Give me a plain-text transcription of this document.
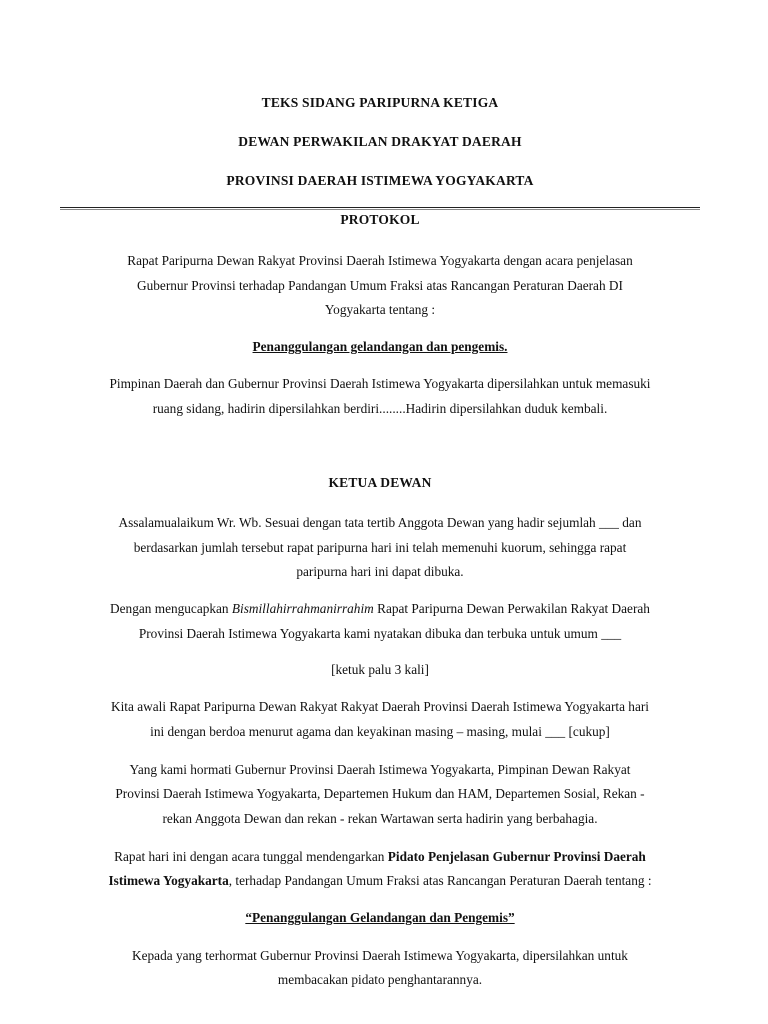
TEKS SIDANG PARIPURNA KETIGA
DEWAN PERWAKILAN DRAKYAT DAERAH
PROVINSI DAERAH ISTIMEWA YOGYAKARTA
PROTOKOL
Rapat Paripurna Dewan Rakyat Provinsi Daerah Istimewa Yogyakarta dengan acara penjelasan
Gubernur Provinsi terhadap Pandangan Umum Fraksi atas Rancangan Peraturan Daerah DI
Yogyakarta tentang :
Penanggulangan gelandangan dan pengemis.
Pimpinan Daerah dan Gubernur Provinsi Daerah Istimewa Yogyakarta dipersilahkan untuk memasuki
ruang sidang, hadirin dipersilahkan berdiri........Hadirin dipersilahkan duduk kembali.
KETUA DEWAN
Assalamualaikum Wr. Wb. Sesuai dengan tata tertib Anggota Dewan yang hadir sejumlah ___ dan
berdasarkan jumlah tersebut rapat paripurna hari ini telah memenuhi kuorum, sehingga rapat
paripurna hari ini dapat dibuka.
Dengan mengucapkan Bismillahirrahmanirrahim Rapat Paripurna Dewan Perwakilan Rakyat Daerah
Provinsi Daerah Istimewa Yogyakarta kami nyatakan dibuka dan terbuka untuk umum ___
[ketuk palu 3 kali]
Kita awali Rapat Paripurna Dewan Rakyat Rakyat Daerah Provinsi Daerah Istimewa Yogyakarta hari
ini dengan berdoa menurut agama dan keyakinan masing – masing, mulai ___ [cukup]
Yang kami hormati Gubernur Provinsi Daerah Istimewa Yogyakarta, Pimpinan Dewan Rakyat
Provinsi Daerah Istimewa Yogyakarta, Departemen Hukum dan HAM, Departemen Sosial, Rekan -
rekan Anggota Dewan dan rekan - rekan Wartawan serta hadirin yang berbahagia.
Rapat hari ini dengan acara tunggal mendengarkan Pidato Penjelasan Gubernur Provinsi Daerah
Istimewa Yogyakarta, terhadap Pandangan Umum Fraksi atas Rancangan Peraturan Daerah tentang :
“Penanggulangan Gelandangan dan Pengemis”
Kepada yang terhormat Gubernur Provinsi Daerah Istimewa Yogyakarta, dipersilahkan untuk
membacakan pidato penghantarannya.
